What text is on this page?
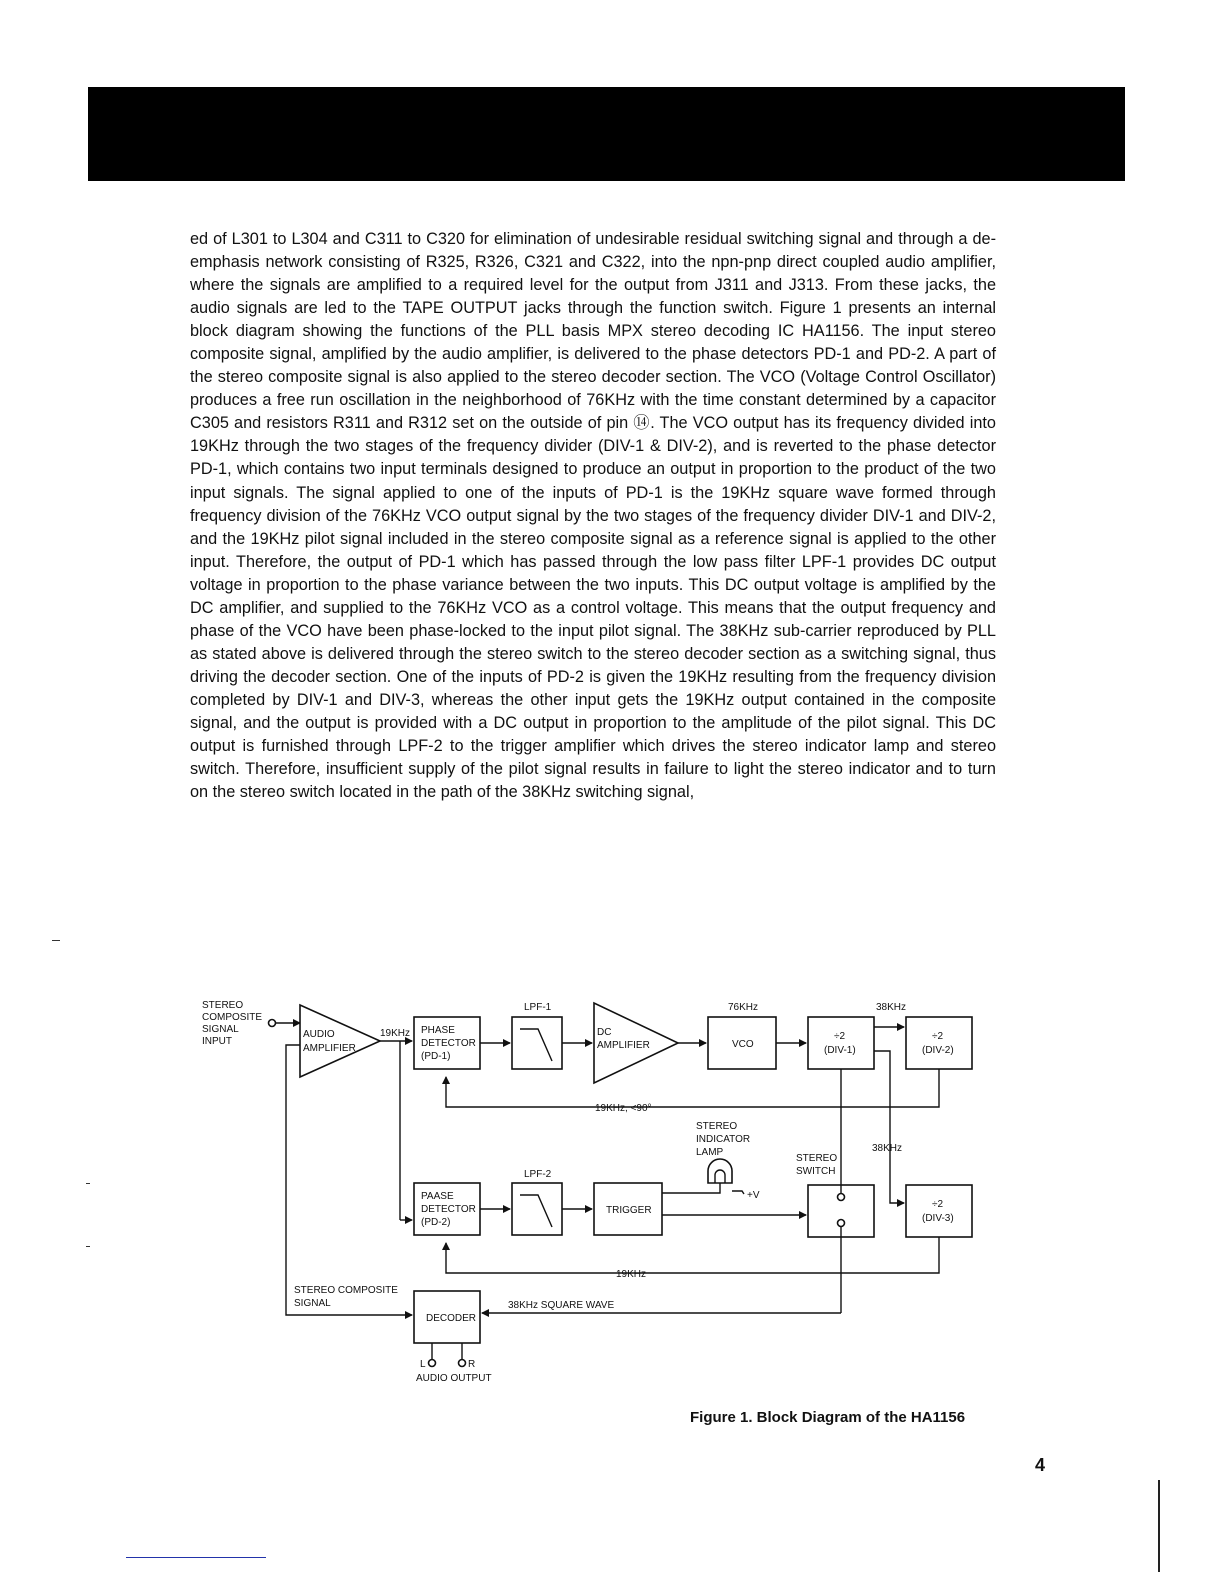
ed of L301 to L304 and C311 to C320 for elimination of undesirable residual switching signal and through a de-emphasis network consisting of R325, R326, C321 and C322, into the npn-pnp direct coupled audio amplifier, where the signals are amplified to a required level for the output from J311 and J313. From these jacks, the audio signals are led to the TAPE OUTPUT jacks through the function switch. Figure 1 presents an internal block diagram showing the functions of the PLL basis MPX stereo decoding IC HA1156. The input stereo composite signal, amplified by the audio amplifier, is delivered to the phase detectors PD-1 and PD-2. A part of the stereo composite signal is also applied to the stereo decoder section. The VCO (Voltage Control Oscillator) produces a free run oscillation in the neighborhood of 76KHz with the time constant determined by a capacitor C305 and resistors R311 and R312 set on the outside of pin ⑭. The VCO output has its frequency divided into 19KHz through the two stages of the frequency divider (DIV-1 & DIV-2), and is reverted to the phase detector PD-1, which contains two input terminals designed to produce an output in proportion to the product of the two input signals. The signal applied to one of the inputs of PD-1 is the 19KHz square wave formed through frequency division of the 76KHz VCO output signal by the two stages of the frequency divider DIV-1 and DIV-2, and the 19KHz pilot signal included in the stereo composite signal as a reference signal is applied to the other input. Therefore, the output of PD-1 which has passed through the low pass filter LPF-1 provides DC output voltage in proportion to the phase variance between the two inputs. This DC output voltage is amplified by the DC amplifier, and supplied to the 76KHz VCO as a control voltage. This means that the output frequency and phase of the VCO have been phase-locked to the input pilot signal. The 38KHz sub-carrier reproduced by PLL as stated above is delivered through the stereo switch to the stereo decoder section as a switching signal, thus driving the decoder section. One of the inputs of PD-2 is given the 19KHz resulting from the frequency division completed by DIV-1 and DIV-3, whereas the other input gets the 19KHz output contained in the composite signal, and the output is provided with a DC output in proportion to the amplitude of the pilot signal. This DC output is furnished through LPF-2 to the trigger amplifier which drives the stereo indicator lamp and stereo switch. Therefore, insufficient supply of the pilot signal results in failure to light the stereo indicator and to turn on the stereo switch located in the path of the 38KHz switching signal,

STEREO
COMPOSITE
SIGNAL
INPUT
AUDIO
AMPLIFIER
19KHz PHASE
DETECTOR
(PD-1)
LPF-1
DC
AMPLIFIER
76KHz
VCO
÷2
(DIV-1)
38KHz
÷2
(DIV-2)
19KHz, <90°
38KHz
STEREO
INDICATOR
LAMP
+V
STEREO
SWITCH
PAASE
DETECTOR
(PD-2)
LPF-2
TRIGGER
÷2
(DIV-3)
19KHz
STEREO COMPOSITE
SIGNAL
DECODER
38KHz SQUARE WAVE
L	R
AUDIO OUTPUT
Figure 1. Block Diagram of the HA1156
4
